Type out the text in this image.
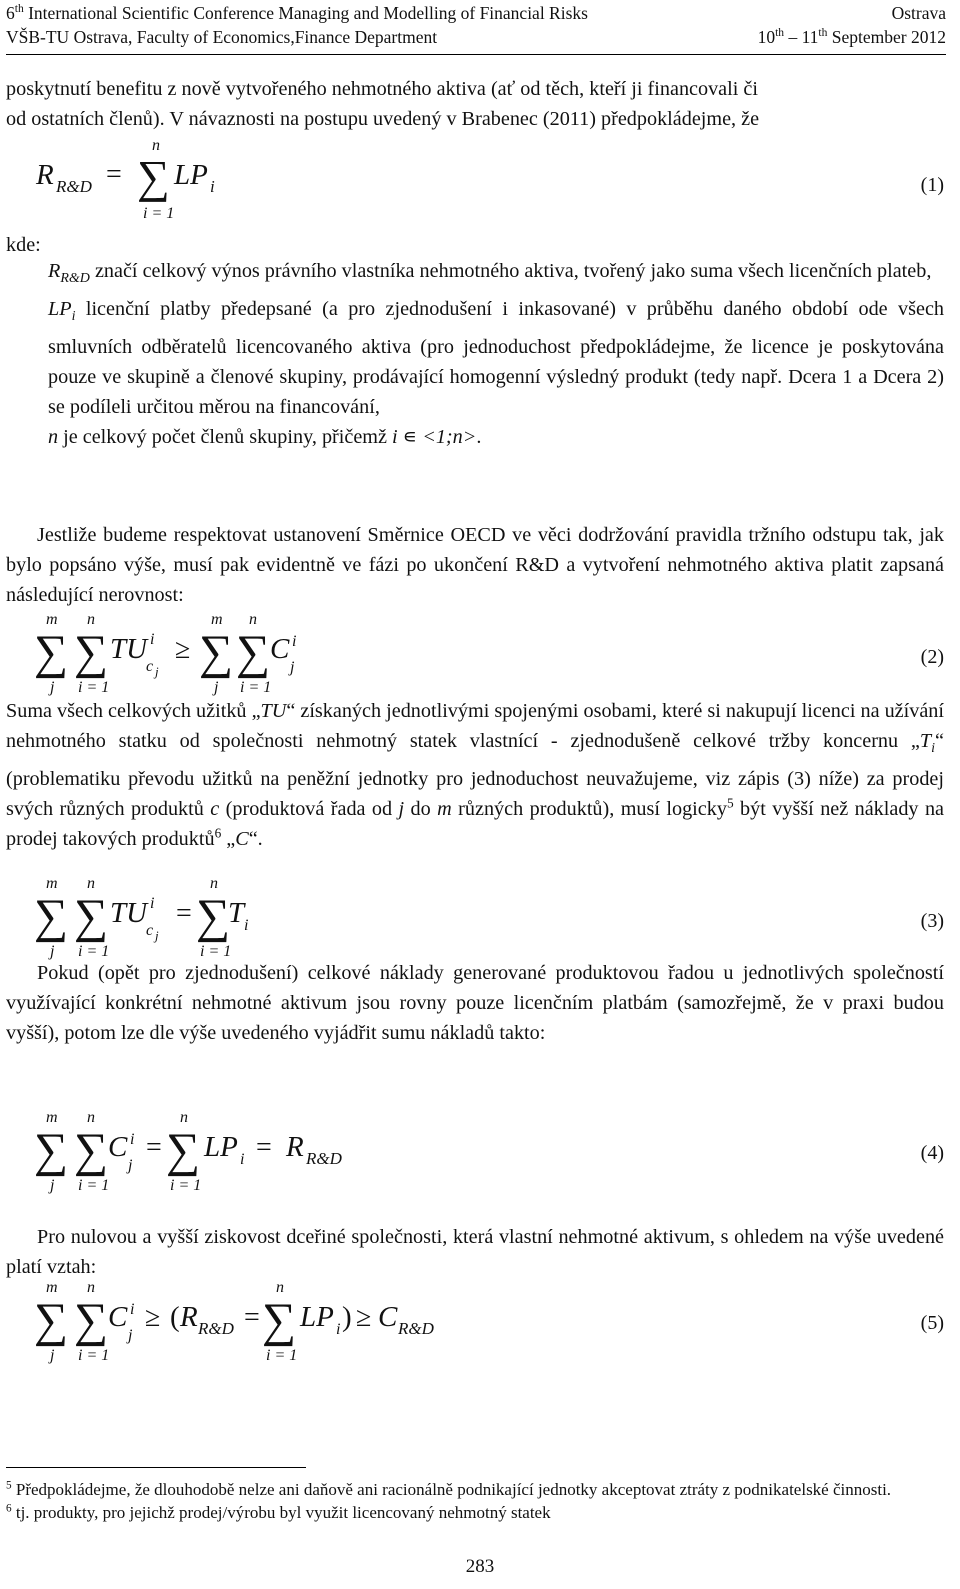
6th International Scientific Conference Managing and Modelling of Financial Risks	Ostrava
VŠB-TU Ostrava, Faculty of Economics,Finance Department	10th – 11th September 2012

poskytnutí benefitu z nově vytvořeného nehmotného aktiva (ať od těch, kteří ji financovali či

od ostatních členů). V návaznosti na postupu uvedený v Brabenec (2011) předpokládejme, že

R R&D =
n
∑
i = 1
LP i	(1)
kde:

$R_{R\&D}$ značí celkový výnos právního vlastníka nehmotného aktiva, tvořený jako suma všech licenčních plateb,

$LP_i$ licenční platby předepsané (a pro zjednodušení i inkasované) v průběhu daného období ode všech smluvních odběratelů licencovaného aktiva (pro jednoduchost předpokládejme, že licence je poskytována pouze ve skupině a členové skupiny, prodávající homogenní výsledný produkt (tedy např. Dcera 1 a Dcera 2) se podíleli určitou měrou na financování,

n je celkový počet členů skupiny, přičemž i ∊ <1;n>.

Jestliže budeme respektovat ustanovení Směrnice OECD ve věci dodržování pravidla tržního odstupu tak, jak bylo popsáno výše, musí pak evidentně ve fázi po ukončení R&D a vytvoření nehmotného aktiva platit zapsaná následující nerovnost:
m
∑
j
n
∑
i = 1
TU i
c j
≥
m
∑
j
n
∑
i = 1
C i
j	(2)

Suma všech celkových užitků „TU“ získaných jednotlivými spojenými osobami, které si nakupují licenci na užívání nehmotného statku od společnosti nehmotný statek vlastnící - zjednodušeně celkové tržby koncernu $„T_i“$ (problematiku převodu užitků na peněžní jednotky pro jednoduchost neuvažujeme, viz zápis (3) níže) za prodej svých různých produktů c (produktová řada od j do m různých produktů), musí logicky$^5$ být vyšší než náklady na prodej takových produktů$^6$ „C“.

m
∑
j
n
∑
i = 1
TU i
c j
=
n
∑
i = 1
T i	(3)
Pokud (opět pro zjednodušení) celkové náklady generované produktovou řadou u jednotlivých společností využívající konkrétní nehmotné aktivum jsou rovny pouze licenčním platbám (samozřejmě, že v praxi budou vyšší), potom lze dle výše uvedeného vyjádřit sumu nákladů takto:
m
∑
j
n
∑
i = 1
C i
j
=
n
∑
i = 1
LP i = R R&D	(4)
Pro nulovou a vyšší ziskovost dceřiné společnosti, která vlastní nehmotné aktivum, s ohledem na výše uvedené platí vztah:
m
∑
j
n
∑
i = 1
C i
j
≥ ( R R&D =
n
∑
i = 1
LP i ) ≥ C R&D	(5)

$^5$ Předpokládejme, že dlouhodobě nelze ani daňově ani racionálně podnikající jednotky akceptovat ztráty z podnikatelské činnosti.

$^6$ tj. produkty, pro jejichž prodej/výrobu byl využit licencovaný nehmotný statek

283
